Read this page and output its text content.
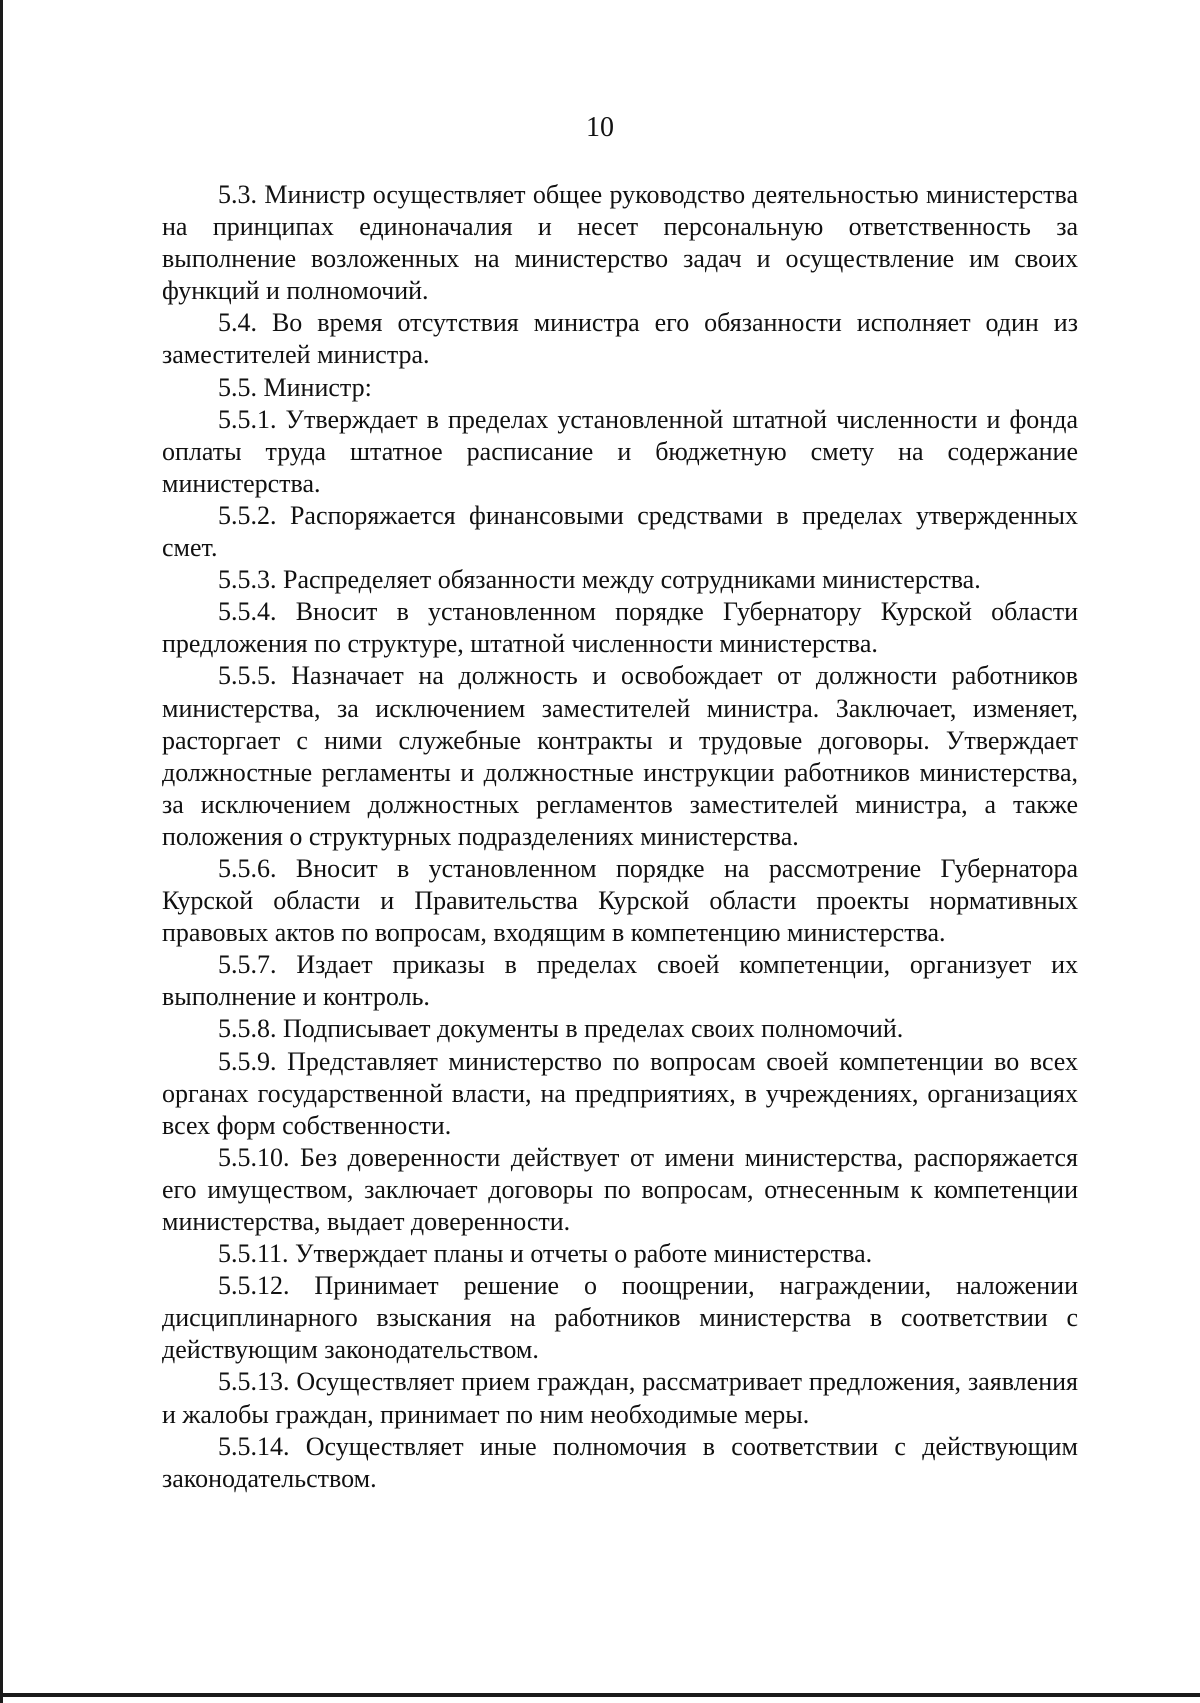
10

5.3. Министр осуществляет общее руководство деятельностью министерства на принципах единоначалия и несет персональную ответственность за выполнение возложенных на министерство задач и осуществление им своих функций и полномочий.

5.4. Во время отсутствия министра его обязанности исполняет один из заместителей министра.

5.5. Министр:

5.5.1. Утверждает в пределах установленной штатной численности и фонда оплаты труда штатное расписание и бюджетную смету на содержание министерства.

5.5.2. Распоряжается финансовыми средствами в пределах утвержденных смет.

5.5.3. Распределяет обязанности между сотрудниками министерства.

5.5.4. Вносит в установленном порядке Губернатору Курской области предложения по структуре, штатной численности министерства.

5.5.5. Назначает на должность и освобождает от должности работников министерства, за исключением заместителей министра. Заключает, изменяет, расторгает с ними служебные контракты и трудовые договоры. Утверждает должностные регламенты и должностные инструкции работников министерства, за исключением должностных регламентов заместителей министра, а также положения о структурных подразделениях министерства.

5.5.6. Вносит в установленном порядке на рассмотрение Губернатора Курской области и Правительства Курской области проекты нормативных правовых актов по вопросам, входящим в компетенцию министерства.

5.5.7. Издает приказы в пределах своей компетенции, организует их выполнение и контроль.

5.5.8. Подписывает документы в пределах своих полномочий.

5.5.9. Представляет министерство по вопросам своей компетенции во всех органах государственной власти, на предприятиях, в учреждениях, организациях всех форм собственности.

5.5.10. Без доверенности действует от имени министерства, распоряжается его имуществом, заключает договоры по вопросам, отнесенным к компетенции министерства, выдает доверенности.

5.5.11. Утверждает планы и отчеты о работе министерства.

5.5.12. Принимает решение о поощрении, награждении, наложении дисциплинарного взыскания на работников министерства в соответствии с действующим законодательством.

5.5.13. Осуществляет прием граждан, рассматривает предложения, заявления и жалобы граждан, принимает по ним необходимые меры.

5.5.14. Осуществляет иные полномочия в соответствии с действующим законодательством.
